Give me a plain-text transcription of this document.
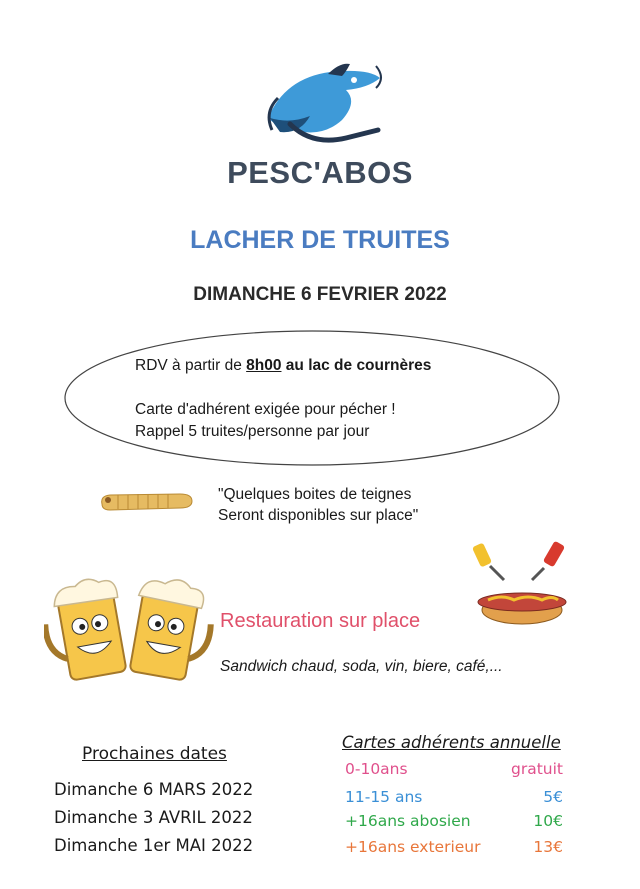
PESC'ABOS
LACHER DE TRUITES
DIMANCHE 6 FEVRIER 2022
RDV à partir de 8h00 au lac de cournères
Carte d'adhérent exigée pour pécher !
Rappel 5 truites/personne par jour
"Quelques boites de teignes
Seront disponibles sur place"
Restauration sur place
Sandwich chaud, soda, vin, biere, café,...
Prochaines dates
Dimanche 6 MARS 2022
Dimanche 3 AVRIL 2022
Dimanche 1er MAI 2022
Cartes adhérents annuelle
0-10ans	gratuit
11-15 ans	5€
+16ans abosien	10€
+16ans exterieur	13€
